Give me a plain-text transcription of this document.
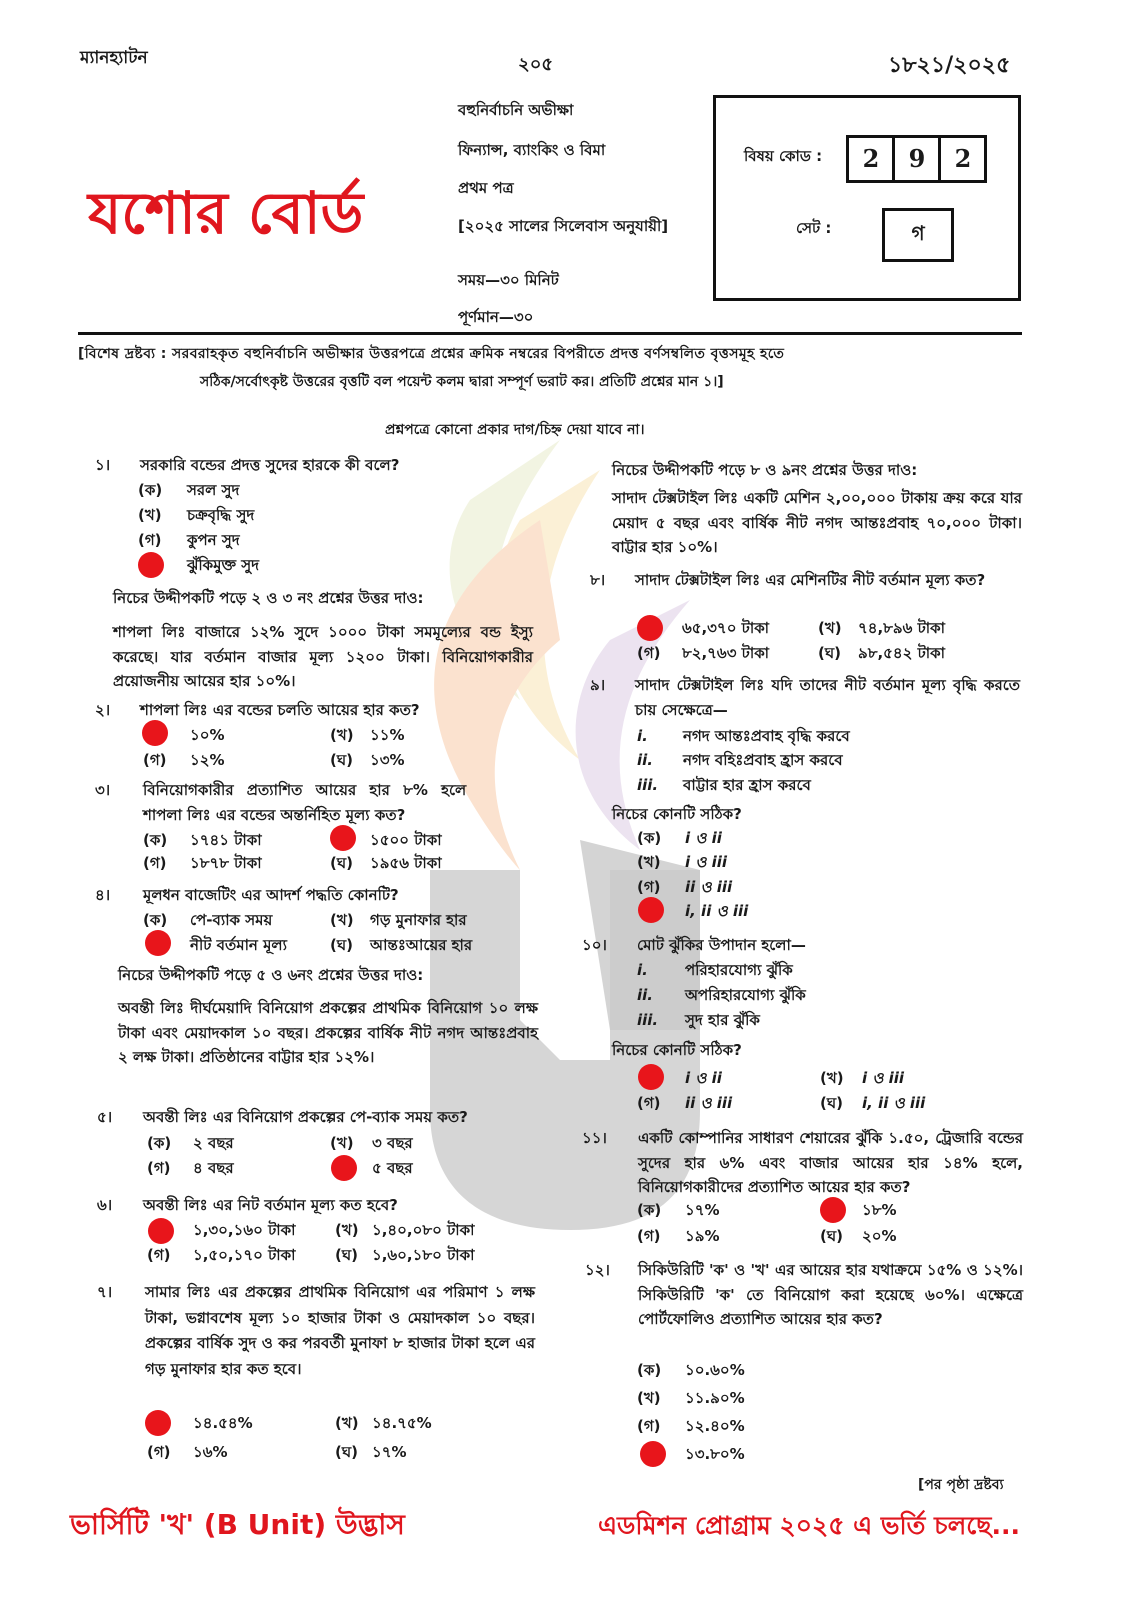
ম্যানহ্যাটন	২০৫	১৮২১/২০২৫
যশোর বোর্ড
বহুনির্বাচনি অভীক্ষা
ফিন্যান্স, ব্যাংকিং ও বিমা
প্রথম পত্র
[২০২৫ সালের সিলেবাস অনুযায়ী]
সময়—৩০ মিনিট
পূর্ণমান—৩০
বিষয় কোড :	2	9	2
সেট :	গ
[বিশেষ দ্রষ্টব্য : সরবরাহকৃত বহুনির্বাচনি অভীক্ষার উত্তরপত্রে প্রশ্নের ক্রমিক নম্বরের বিপরীতে প্রদত্ত বর্ণসম্বলিত বৃত্তসমূহ হতে
সঠিক/সর্বোৎকৃষ্ট উত্তরের বৃত্তটি বল পয়েন্ট কলম দ্বারা সম্পূর্ণ ভরাট কর। প্রতিটি প্রশ্নের মান ১।]
প্রশ্নপত্রে কোনো প্রকার দাগ/চিহ্ন দেয়া যাবে না।
১। সরকারি বন্ডের প্রদত্ত সুদের হারকে কী বলে?
(ক) সরল সুদ
(খ) চক্রবৃদ্ধি সুদ
(গ) কুপন সুদ
ঝুঁকিমুক্ত সুদ
নিচের উদ্দীপকটি পড়ে ২ ও ৩ নং প্রশ্নের উত্তর দাও:
শাপলা লিঃ বাজারে ১২% সুদে ১০০০ টাকা সমমূল্যের বন্ড ইস্যু করেছে। যার বর্তমান বাজার মূল্য ১২০০ টাকা। বিনিয়োগকারীর প্রয়োজনীয় আয়ের হার ১০%।
২। শাপলা লিঃ এর বন্ডের চলতি আয়ের হার কত?
১০%	(খ) ১১%
(গ) ১২%	(ঘ) ১৩%
৩। বিনিয়োগকারীর প্রত্যাশিত আয়ের হার ৮% হলে
শাপলা লিঃ এর বন্ডের অন্তর্নিহিত মূল্য কত?
(ক) ১৭৪১ টাকা	১৫০০ টাকা
(গ) ১৮৭৮ টাকা	(ঘ) ১৯৫৬ টাকা
৪। মূলধন বাজেটিং এর আদর্শ পদ্ধতি কোনটি?
(ক) পে-ব্যাক সময়	(খ) গড় মুনাফার হার
নীট বর্তমান মূল্য	(ঘ) আন্তঃআয়ের হার
নিচের উদ্দীপকটি পড়ে ৫ ও ৬নং প্রশ্নের উত্তর দাও:
অবন্তী লিঃ দীর্ঘমেয়াদি বিনিয়োগ প্রকল্পের প্রাথমিক বিনিয়োগ ১০ লক্ষ টাকা এবং মেয়াদকাল ১০ বছর। প্রকল্পের বার্ষিক নীট নগদ আন্তঃপ্রবাহ ২ লক্ষ টাকা। প্রতিষ্ঠানের বাট্টার হার ১২%।
৫। অবন্তী লিঃ এর বিনিয়োগ প্রকল্পের পে-ব্যাক সময় কত?
(ক) ২ বছর	(খ) ৩ বছর
(গ) ৪ বছর	৫ বছর
৬। অবন্তী লিঃ এর নিট বর্তমান মূল্য কত হবে?
১,৩০,১৬০ টাকা	(খ) ১,৪০,০৮০ টাকা
(গ) ১,৫০,১৭০ টাকা	(ঘ) ১,৬০,১৮০ টাকা
৭। সামার লিঃ এর প্রকল্পের প্রাথমিক বিনিয়োগ এর পরিমাণ ১ লক্ষ টাকা, ভগ্নাবশেষ মূল্য ১০ হাজার টাকা ও মেয়াদকাল ১০ বছর। প্রকল্পের বার্ষিক সুদ ও কর পরবর্তী মুনাফা ৮ হাজার টাকা হলে এর গড় মুনাফার হার কত হবে।
১৪.৫৪%	(খ) ১৪.৭৫%
(গ) ১৬%	(ঘ) ১৭%
নিচের উদ্দীপকটি পড়ে ৮ ও ৯নং প্রশ্নের উত্তর দাও:
সাদাদ টেক্সটাইল লিঃ একটি মেশিন ২,০০,০০০ টাকায় ক্রয় করে যার মেয়াদ ৫ বছর এবং বার্ষিক নীট নগদ আন্তঃপ্রবাহ ৭০,০০০ টাকা। বাট্টার হার ১০%।
৮। সাদাদ টেক্সটাইল লিঃ এর মেশিনটির নীট বর্তমান মূল্য কত?
৬৫,৩৭০ টাকা	(খ) ৭৪,৮৯৬ টাকা
(গ) ৮২,৭৬৩ টাকা	(ঘ) ৯৮,৫৪২ টাকা
৯। সাদাদ টেক্সটাইল লিঃ যদি তাদের নীট বর্তমান মূল্য বৃদ্ধি করতে চায় সেক্ষেত্রে—
i. নগদ আন্তঃপ্রবাহ বৃদ্ধি করবে
ii. নগদ বহিঃপ্রবাহ হ্রাস করবে
iii. বাট্টার হার হ্রাস করবে
নিচের কোনটি সঠিক?
(ক) i ও ii
(খ) i ও iii
(গ) ii ও iii
i, ii ও iii
১০। মোট ঝুঁকির উপাদান হলো—
i. পরিহারযোগ্য ঝুঁকি
ii. অপরিহারযোগ্য ঝুঁকি
iii. সুদ হার ঝুঁকি
নিচের কোনটি সঠিক?
i ও ii	(খ) i ও iii
(গ) ii ও iii	(ঘ) i, ii ও iii
১১। একটি কোম্পানির সাধারণ শেয়ারের ঝুঁকি ১.৫০, ট্রেজারি বন্ডের সুদের হার ৬% এবং বাজার আয়ের হার ১৪% হলে, বিনিয়োগকারীদের প্রত্যাশিত আয়ের হার কত?
(ক) ১৭%	১৮%
(গ) ১৯%	(ঘ) ২০%
১২। সিকিউরিটি 'ক' ও 'খ' এর আয়ের হার যথাক্রমে ১৫% ও ১২%। সিকিউরিটি 'ক' তে বিনিয়োগ করা হয়েছে ৬০%। এক্ষেত্রে পোর্টফোলিও প্রত্যাশিত আয়ের হার কত?
(ক) ১০.৬০%
(খ) ১১.৯০%
(গ) ১২.৪০%
১৩.৮০%
[পর পৃষ্ঠা দ্রষ্টব্য
ভার্সিটি 'খ' (B Unit) উদ্ভাস	এডমিশন প্রোগ্রাম ২০২৫ এ ভর্তি চলছে...
